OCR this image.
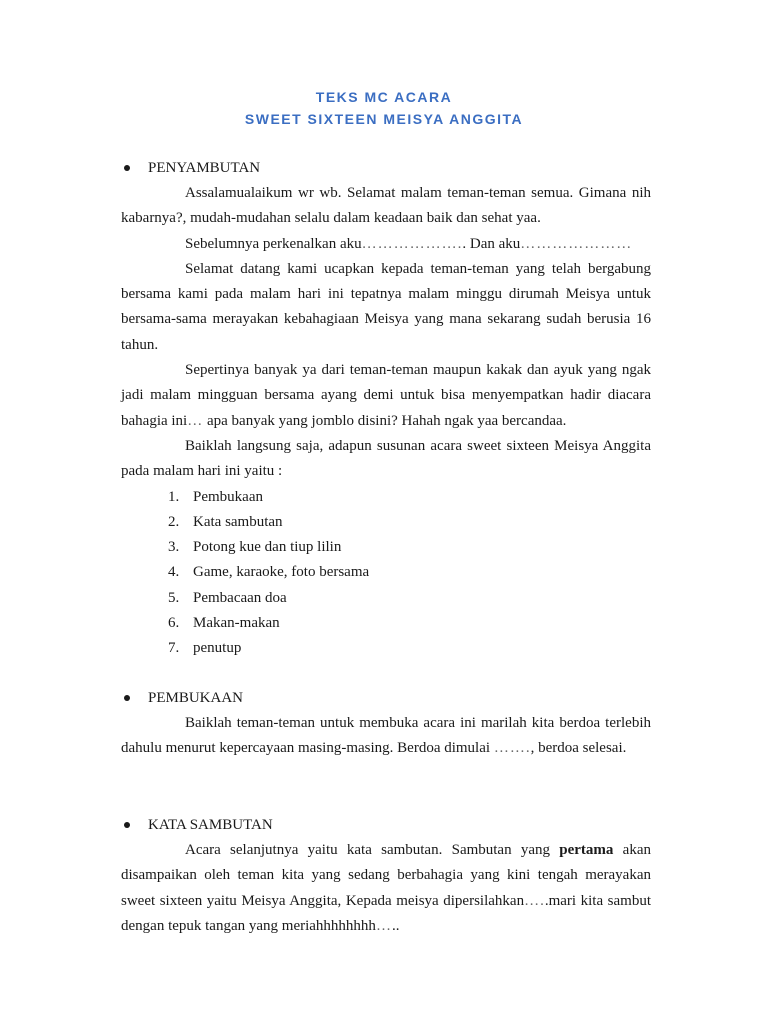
TEKS MC ACARA
SWEET SIXTEEN MEISYA ANGGITA
PENYAMBUTAN

Assalamualaikum wr wb. Selamat malam teman-teman semua. Gimana nih kabarnya?, mudah-mudahan selalu dalam keadaan baik dan sehat yaa.

Sebelumnya perkenalkan aku……………….. Dan aku…………………

Selamat datang kami ucapkan kepada teman-teman yang telah bergabung bersama kami pada malam hari ini tepatnya malam minggu dirumah Meisya untuk bersama-sama merayakan kebahagiaan Meisya yang mana sekarang sudah berusia 16 tahun.

Sepertinya banyak ya dari teman-teman maupun kakak dan ayuk yang ngak jadi malam mingguan bersama ayang demi untuk bisa menyempatkan hadir diacara bahagia ini… apa banyak yang jomblo disini? Hahah ngak yaa bercandaa.

Baiklah langsung saja, adapun susunan acara sweet sixteen Meisya Anggita pada malam hari ini yaitu :

1. Pembukaan
2. Kata sambutan
3. Potong kue dan tiup lilin
4. Game, karaoke, foto bersama
5. Pembacaan doa
6. Makan-makan
7. penutup
PEMBUKAAN

Baiklah teman-teman untuk membuka acara ini marilah kita berdoa terlebih dahulu menurut kepercayaan masing-masing. Berdoa dimulai ……., berdoa selesai.

KATA SAMBUTAN

Acara selanjutnya yaitu kata sambutan. Sambutan yang pertama akan disampaikan oleh teman kita yang sedang berbahagia yang kini tengah merayakan sweet sixteen yaitu Meisya Anggita, Kepada meisya dipersilahkan…..mari kita sambut dengan tepuk tangan yang meriahhhhhhhh…..
